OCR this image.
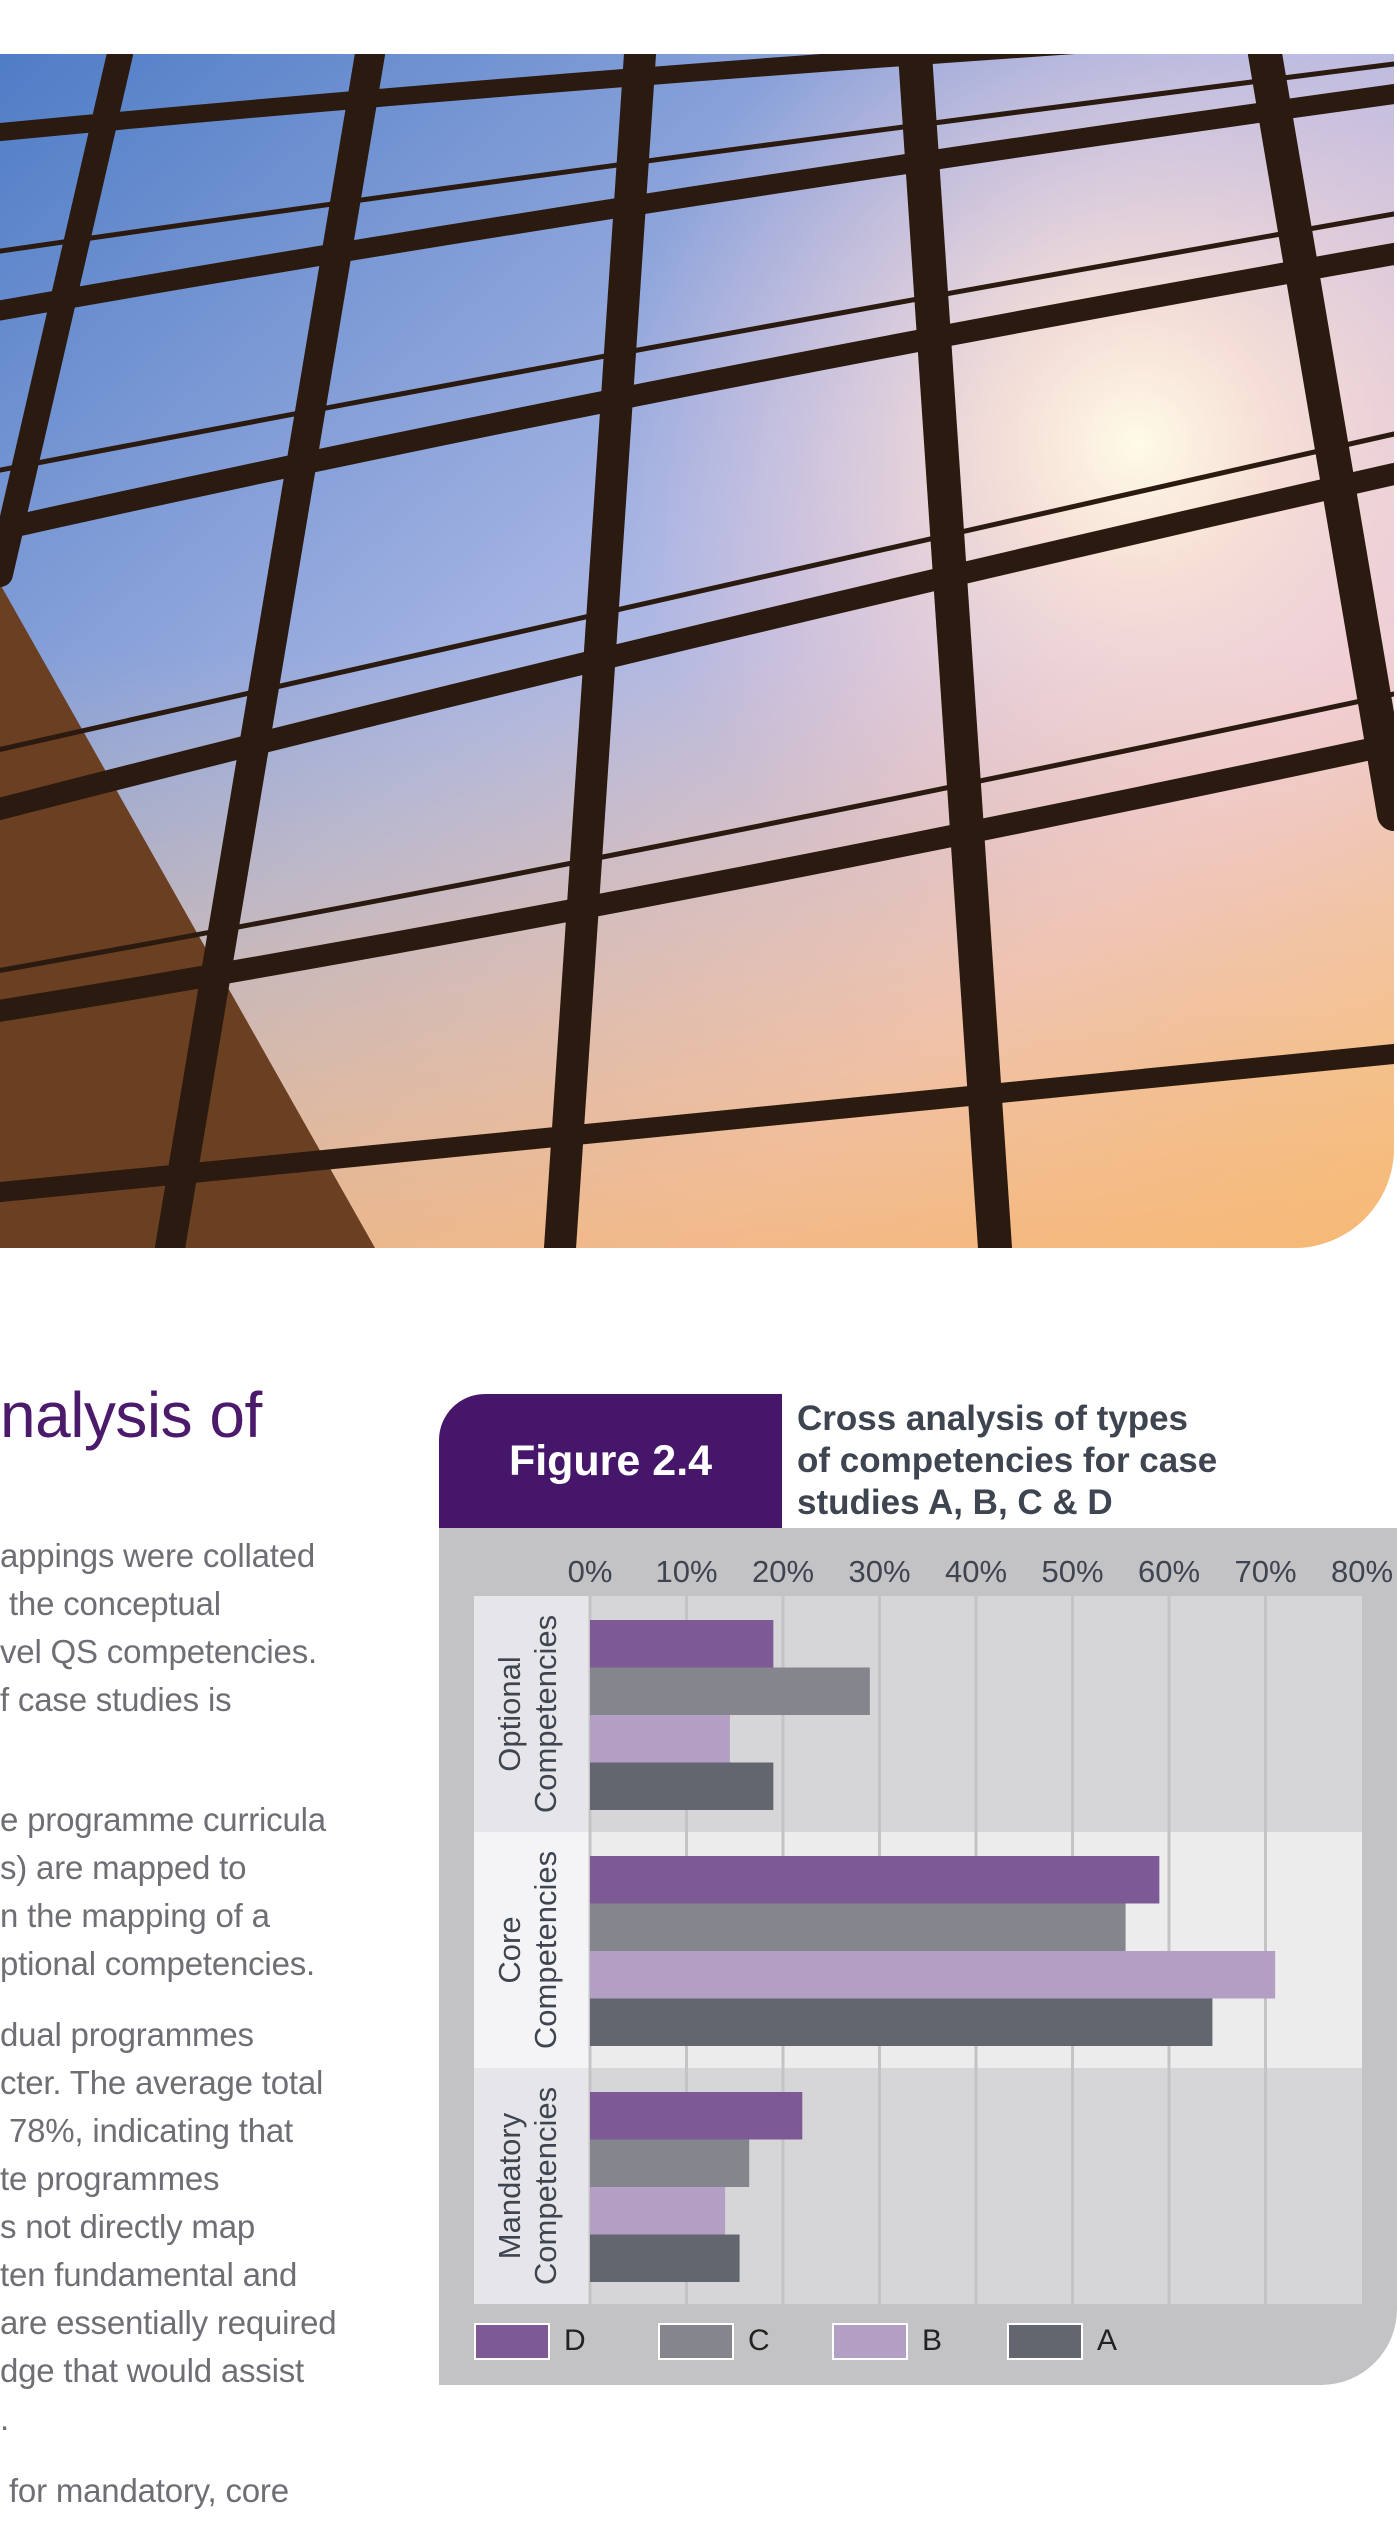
nalysis of
appings were collated
the conceptual
vel QS competencies.
f case studies is
e programme curricula
s) are mapped to
n the mapping of a
ptional competencies.
dual programmes
cter. The average total
78%, indicating that
te programmes
s not directly map
ten fundamental and
are essentially required
dge that would assist
.
for mandatory, core
Figure 2.4
Cross analysis of types
of competencies for case
studies A, B, C & D
0% 10% 20% 30% 40% 50% 60% 70% 80%
Optional Competencies
Core Competencies
Mandatory Competencies
D	C	B	A
